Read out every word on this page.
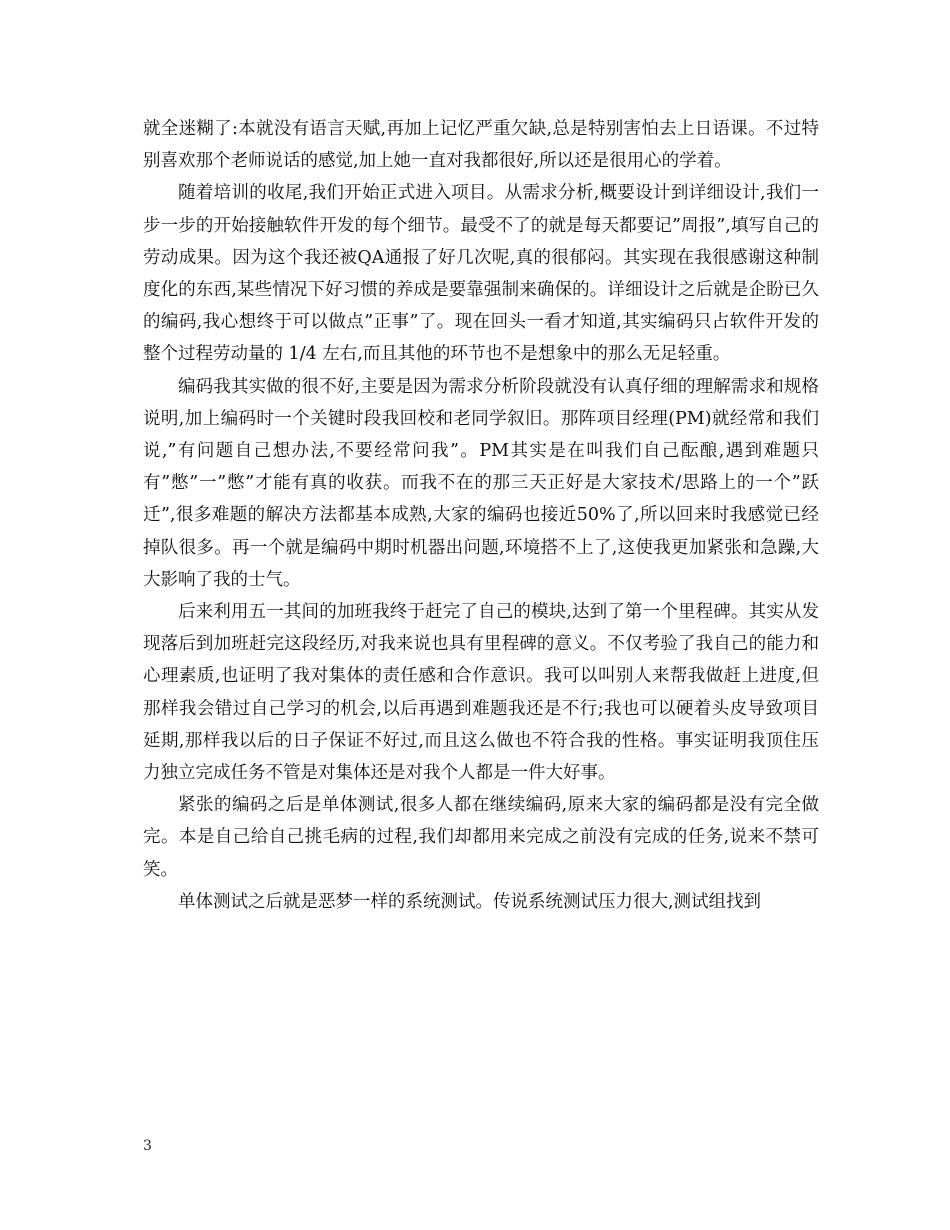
就全迷糊了:本就没有语言天赋,再加上记忆严重欠缺,总是特别害怕去上日语课。不过特别喜欢那个老师说话的感觉,加上她一直对我都很好,所以还是很用心的学着。

随着培训的收尾,我们开始正式进入项目。从需求分析,概要设计到详细设计,我们一步一步的开始接触软件开发的每个细节。最受不了的就是每天都要记”周报”,填写自己的劳动成果。因为这个我还被QA通报了好几次呢,真的很郁闷。其实现在我很感谢这种制度化的东西,某些情况下好习惯的养成是要靠强制来确保的。详细设计之后就是企盼已久的编码,我心想终于可以做点”正事”了。现在回头一看才知道,其实编码只占软件开发的整个过程劳动量的 1/4 左右,而且其他的环节也不是想象中的那么无足轻重。

编码我其实做的很不好,主要是因为需求分析阶段就没有认真仔细的理解需求和规格说明,加上编码时一个关键时段我回校和老同学叙旧。那阵项目经理(PM)就经常和我们说,”有问题自己想办法,不要经常问我”。PM其实是在叫我们自己酝酿,遇到难题只有”憋”一”憋”才能有真的收获。而我不在的那三天正好是大家技术/思路上的一个”跃迁”,很多难题的解决方法都基本成熟,大家的编码也接近50%了,所以回来时我感觉已经掉队很多。再一个就是编码中期时机器出问题,环境搭不上了,这使我更加紧张和急躁,大大影响了我的士气。

后来利用五一其间的加班我终于赶完了自己的模块,达到了第一个里程碑。其实从发现落后到加班赶完这段经历,对我来说也具有里程碑的意义。不仅考验了我自己的能力和心理素质,也证明了我对集体的责任感和合作意识。我可以叫别人来帮我做赶上进度,但那样我会错过自己学习的机会,以后再遇到难题我还是不行;我也可以硬着头皮导致项目延期,那样我以后的日子保证不好过,而且这么做也不符合我的性格。事实证明我顶住压力独立完成任务不管是对集体还是对我个人都是一件大好事。

紧张的编码之后是单体测试,很多人都在继续编码,原来大家的编码都是没有完全做完。本是自己给自己挑毛病的过程,我们却都用来完成之前没有完成的任务,说来不禁可笑。

单体测试之后就是恶梦一样的系统测试。传说系统测试压力很大,测试组找到

3
